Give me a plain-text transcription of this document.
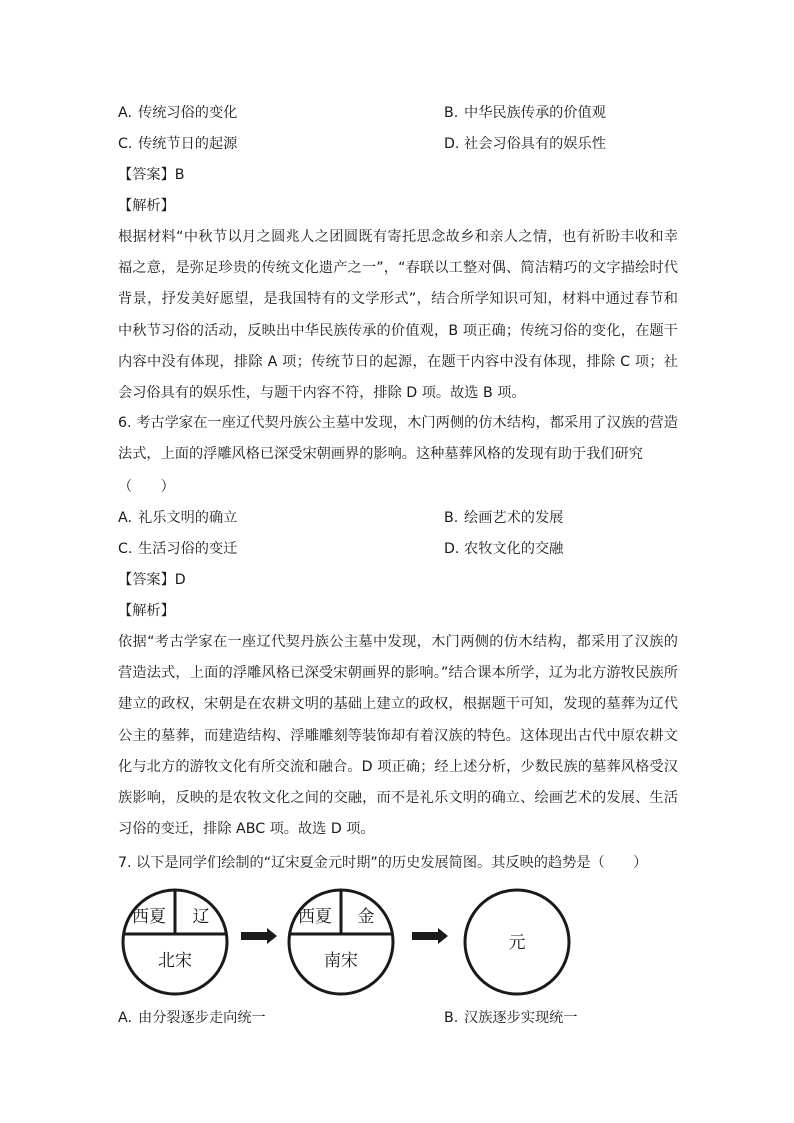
A. 传统习俗的变化	B. 中华民族传承的价值观
C. 传统节日的起源	D. 社会习俗具有的娱乐性
【答案】B
【解析】
根据材料“中秋节以月之圆兆人之团圆既有寄托思念故乡和亲人之情，也有祈盼丰收和幸福之意，是弥足珍贵的传统文化遗产之一”，“春联以工整对偶、简洁精巧的文字描绘时代背景，抒发美好愿望，是我国特有的文学形式”，结合所学知识可知，材料中通过春节和中秋节习俗的活动，反映出中华民族传承的价值观，B 项正确；传统习俗的变化，在题干内容中没有体现，排除 A 项；传统节日的起源，在题干内容中没有体现，排除 C 项；社会习俗具有的娱乐性，与题干内容不符，排除 D 项。故选 B 项。
6. 考古学家在一座辽代契丹族公主墓中发现，木门两侧的仿木结构，都采用了汉族的营造法式，上面的浮雕风格已深受宋朝画界的影响。这种墓葬风格的发现有助于我们研究
（　　）
A. 礼乐文明的确立	B. 绘画艺术的发展
C. 生活习俗的变迁	D. 农牧文化的交融
【答案】D
【解析】
依据“考古学家在一座辽代契丹族公主墓中发现，木门两侧的仿木结构，都采用了汉族的营造法式，上面的浮雕风格已深受宋朝画界的影响。”结合课本所学，辽为北方游牧民族所建立的政权，宋朝是在农耕文明的基础上建立的政权，根据题干可知，发现的墓葬为辽代公主的墓葬，而建造结构、浮雕雕刻等装饰却有着汉族的特色。这体现出古代中原农耕文化与北方的游牧文化有所交流和融合。D 项正确；经上述分析，少数民族的墓葬风格受汉族影响，反映的是农牧文化之间的交融，而不是礼乐文明的确立、绘画艺术的发展、生活习俗的变迁，排除 ABC 项。故选 D 项。
7. 以下是同学们绘制的“辽宋夏金元时期”的历史发展简图。其反映的趋势是（　　）
西夏 辽
北宋
西夏 金
南宋
元
A. 由分裂逐步走向统一	B. 汉族逐步实现统一
